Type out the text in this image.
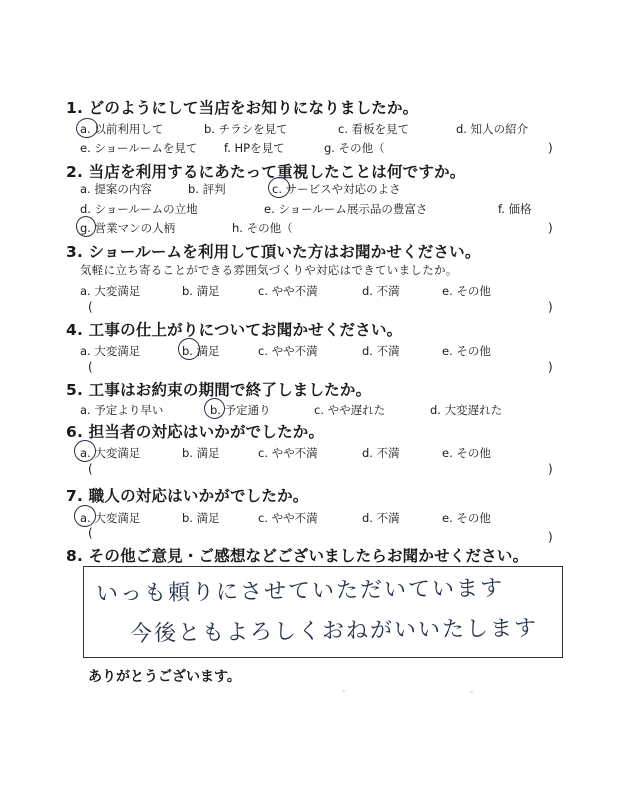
1. どのようにして当店をお知りになりましたか。
a. 以前利用して	b. チラシを見て	c. 看板を見て	d. 知人の紹介
e. ショールームを見て f. HPを見て	g. その他（	)
2. 当店を利用するにあたって重視したことは何ですか。
a. 提案の内容	b. 評判	c. サービスや対応のよさ
d. ショールームの立地	e. ショールーム展示品の豊富さ	f. 価格
g. 営業マンの人柄	h. その他（	)
3. ショールームを利用して頂いた方はお聞かせください。
気軽に立ち寄ることができる雰囲気づくりや対応はできていましたか。
a. 大変満足	b. 満足	c. やや不満	d. 不満	e. その他
(	)
4. 工事の仕上がりについてお聞かせください。
a. 大変満足	b. 満足	c. やや不満	d. 不満	e. その他
(	)
5. 工事はお約束の期間で終了しましたか。
a. 予定より早い	b. 予定通り	c. やや遅れた	d. 大変遅れた
6. 担当者の対応はいかがでしたか。
a. 大変満足	b. 満足	c. やや不満	d. 不満	e. その他
(	)
7. 職人の対応はいかがでしたか。
a. 大変満足	b. 満足	c. やや不満	d. 不満	e. その他
(	)
8. その他ご意見・ご感想などございましたらお聞かせください。
いっも頼りにさせていただいています
今後ともよろしくおねがいいたします
ありがとうございます。
